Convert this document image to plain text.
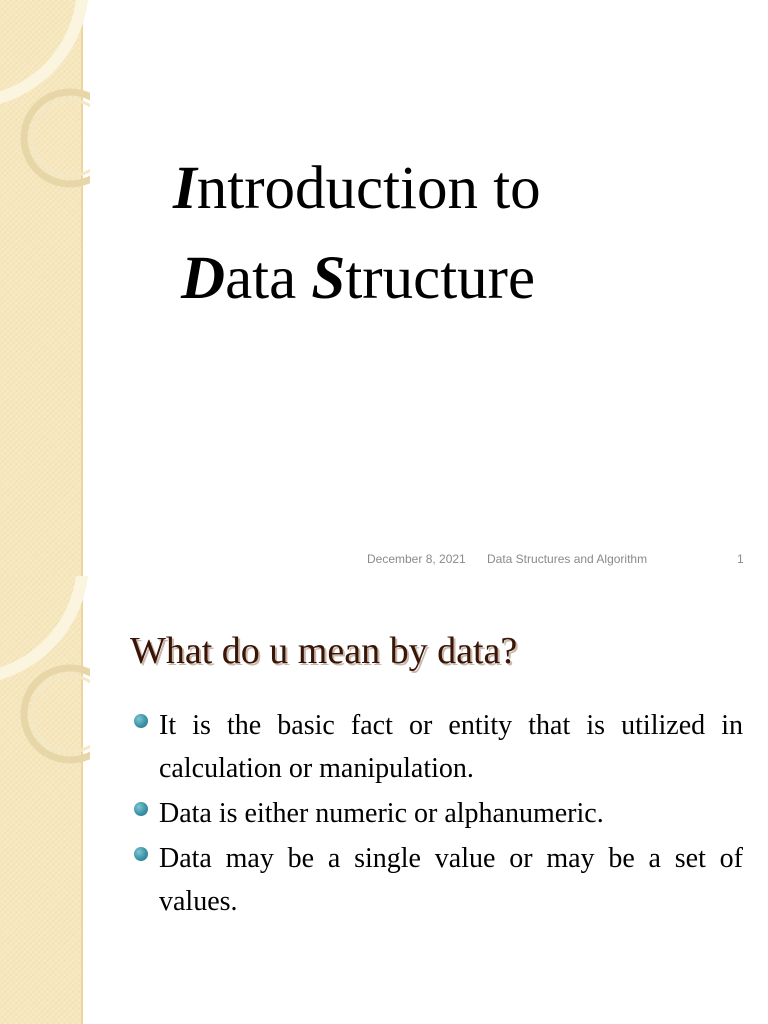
Introduction to
Data Structure
December 8, 2021 Data Structures and Algorithm	1
What do u mean by data?
It is the basic fact or entity that is utilized in calculation or manipulation.
Data is either numeric or alphanumeric.
Data may be a single value or may be a set of values.
